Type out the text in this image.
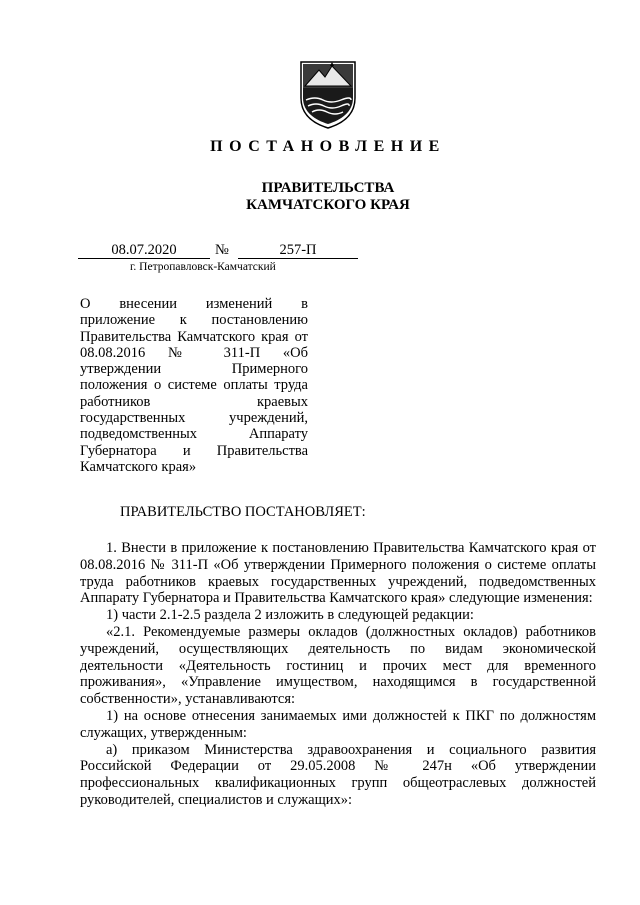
ПОСТАНОВЛЕНИЕ
ПРАВИТЕЛЬСТВА
КАМЧАТСКОГО КРАЯ
08.07.2020	№	257-П
г. Петропавловск-Камчатский
О внесении изменений в приложение к постановлению Правительства Камчатского края от 08.08.2016 № 311-П «Об утверждении Примерного положения о системе оплаты труда работников краевых государственных учреждений, подведомственных Аппарату Губернатора и Правительства Камчатского края»
ПРАВИТЕЛЬСТВО ПОСТАНОВЛЯЕТ:

1. Внести в приложение к постановлению Правительства Камчатского края от 08.08.2016 № 311-П «Об утверждении Примерного положения о системе оплаты труда работников краевых государственных учреждений, подведомственных Аппарату Губернатора и Правительства Камчатского края» следующие изменения:

1) части 2.1-2.5 раздела 2 изложить в следующей редакции:

«2.1. Рекомендуемые размеры окладов (должностных окладов) работников учреждений, осуществляющих деятельность по видам экономической деятельности «Деятельность гостиниц и прочих мест для временного проживания», «Управление имуществом, находящимся в государственной собственности», устанавливаются:

1) на основе отнесения занимаемых ими должностей к ПКГ по должностям служащих, утвержденным:

а) приказом Министерства здравоохранения и социального развития Российской Федерации от 29.05.2008 № 247н «Об утверждении профессиональных квалификационных групп общеотраслевых должностей руководителей, специалистов и служащих»:
